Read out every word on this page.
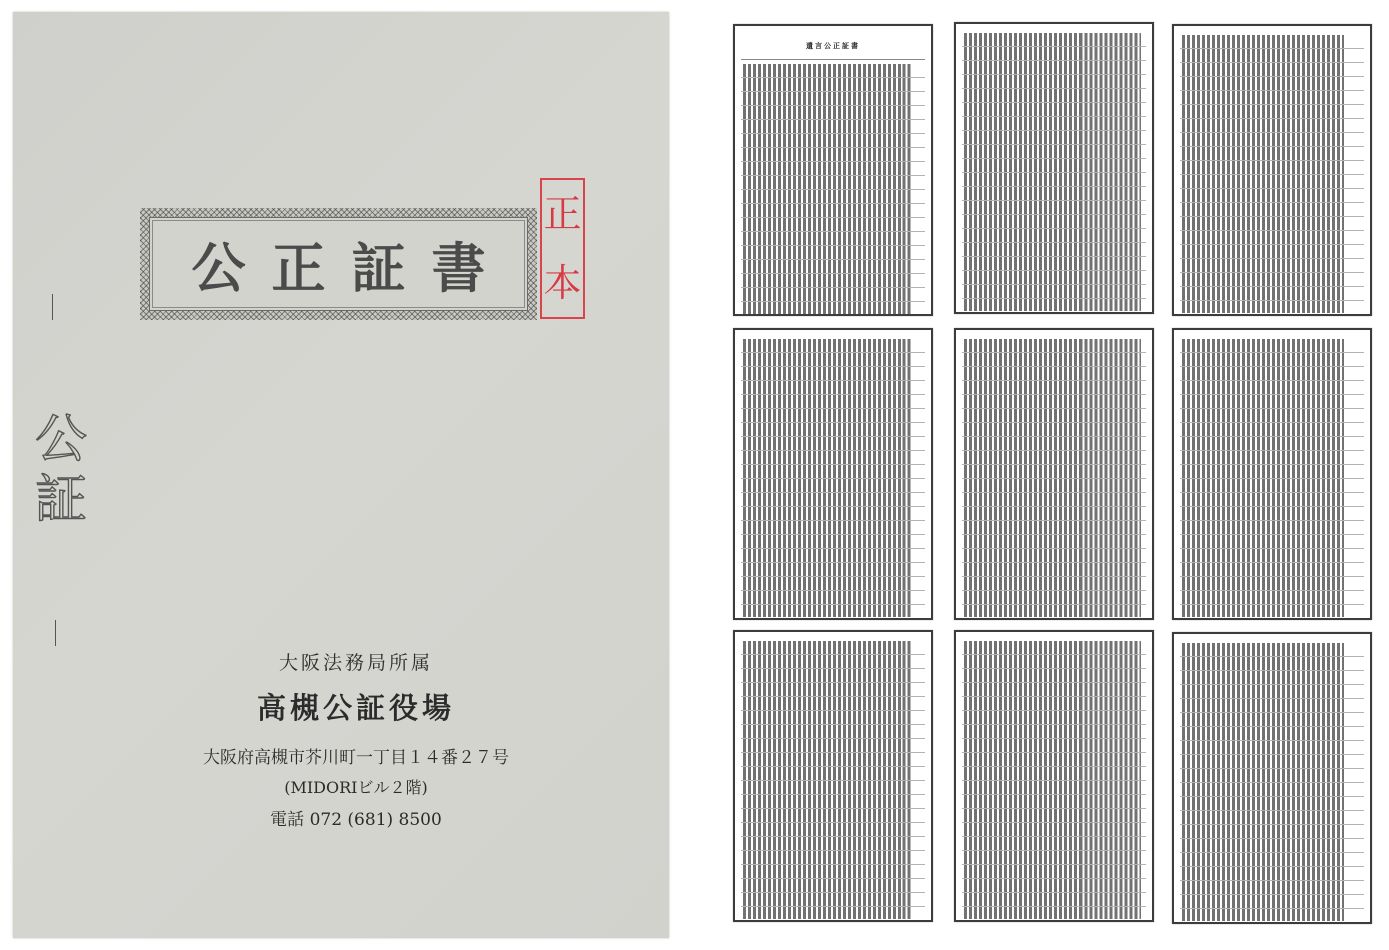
公正証書
正
本
公
証
大阪法務局所属
高槻公証役場
大阪府高槻市芥川町一丁目１４番２７号
(MIDORIビル２階)
電話 072 (681) 8500
遺言公正証書
